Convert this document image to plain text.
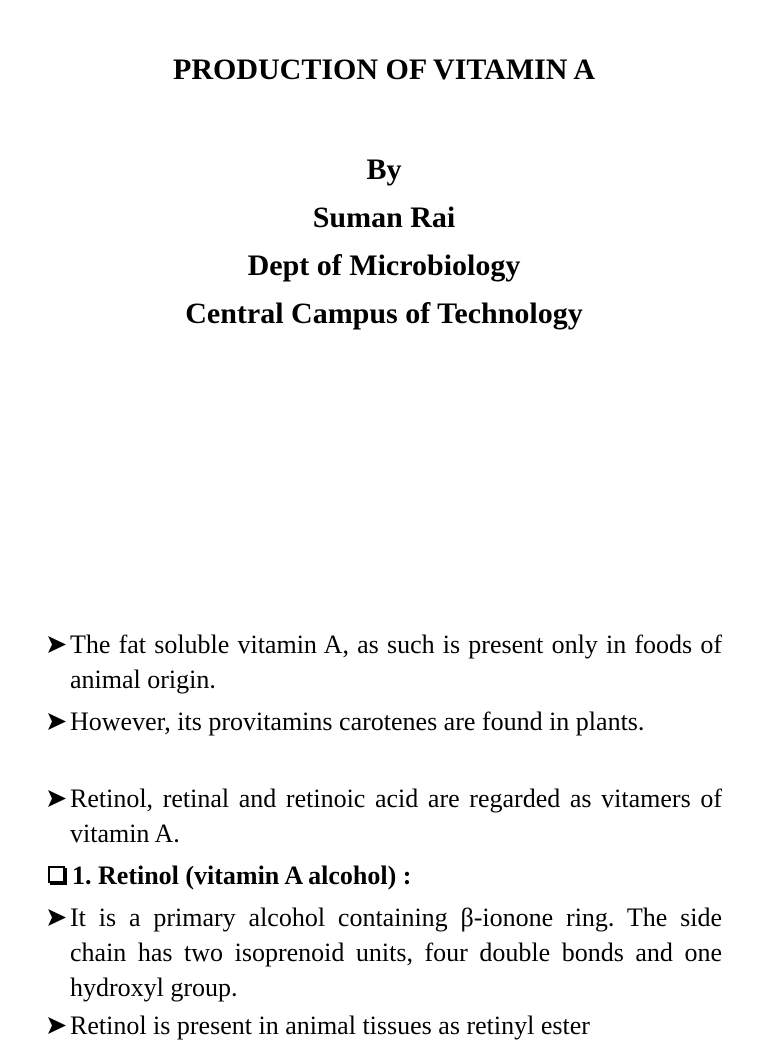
PRODUCTION OF VITAMIN A
By
Suman Rai
Dept of Microbiology
Central Campus of Technology
The fat soluble vitamin A, as such is present only in foods of animal origin.
However, its provitamins carotenes are found in plants.
Retinol, retinal and retinoic acid are regarded as vitamers of vitamin A.
1. Retinol (vitamin A alcohol) :
It is a primary alcohol containing β-ionone ring. The side chain has two isoprenoid units, four double bonds and one hydroxyl group.
Retinol is present in animal tissues as retinyl ester
